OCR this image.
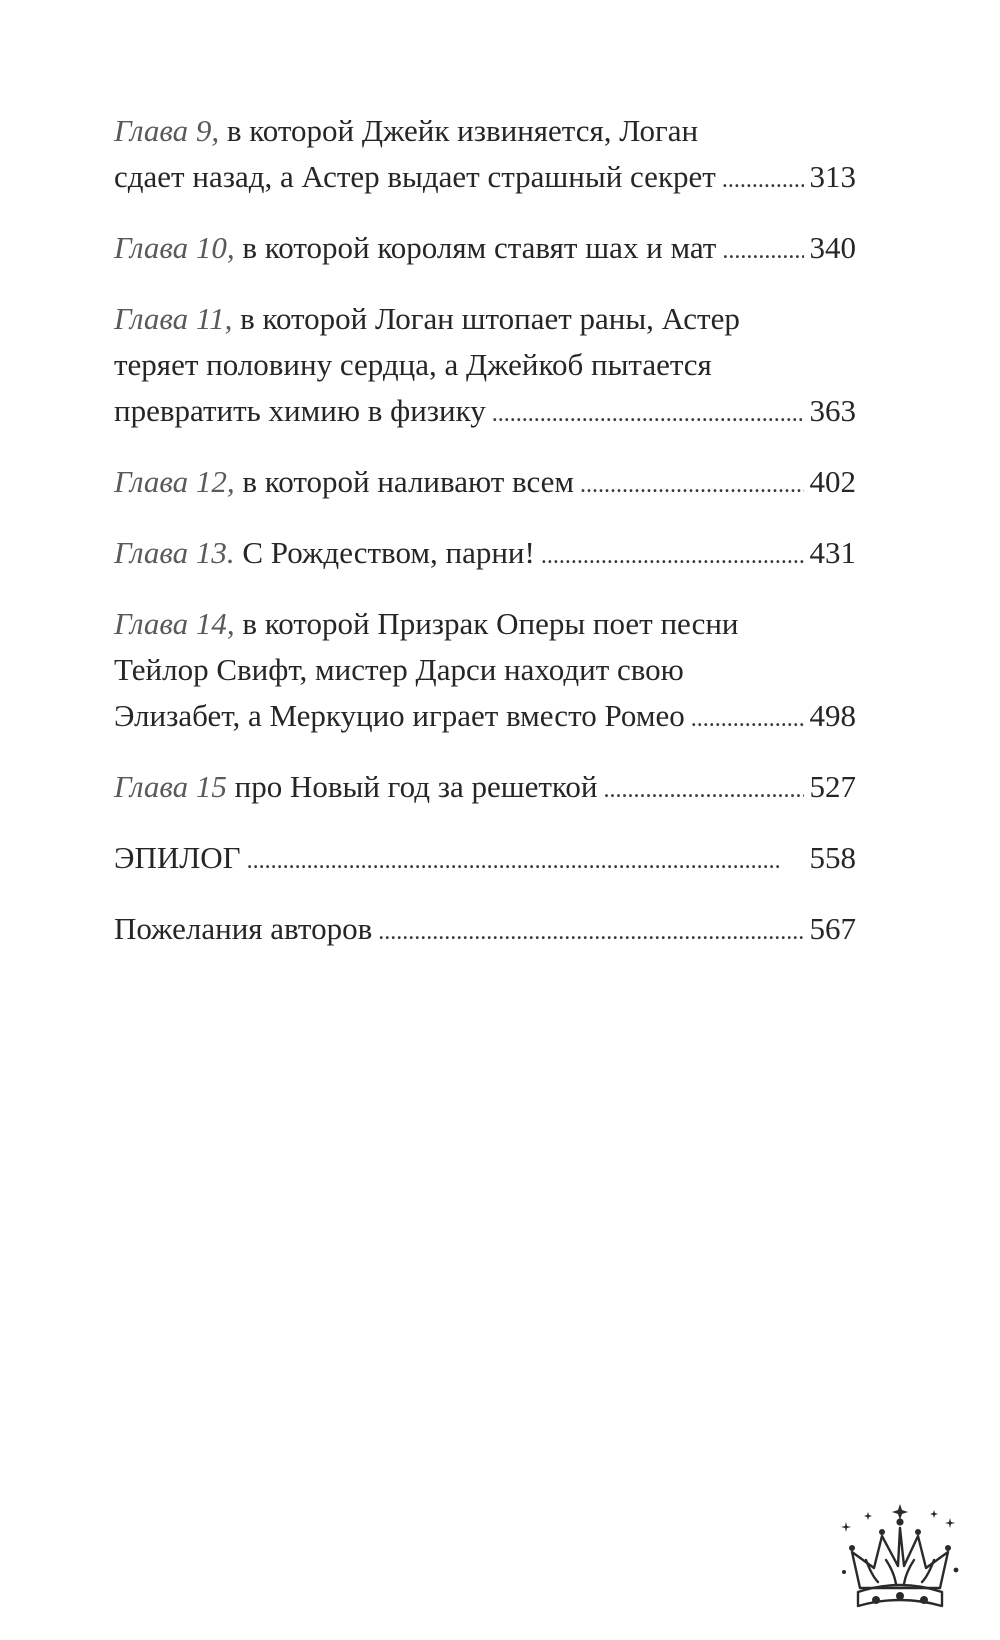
Глава 9,
в которой Джейк извиняется, Логан
сдает назад, а Астер выдает страшный секрет . . .	313
Глава 10,
в которой королям ставят шах и мат . . .	340
Глава 11,
в которой Логан штопает раны, Астер
теряет половину сердца, а Джейкоб пытается
превратить химию в физику . . .	363
Глава 12,
в которой наливают всем . . .	402
Глава 13.
С Рождеством, парни! . . .	431
Глава 14,
в которой Призрак Оперы поет песни
Тейлор Свифт, мистер Дарси находит свою
Элизабет, а Меркуцио играет вместо Ромео . . .	498
Глава 15
про Новый год за решеткой . . .	527
ЭПИЛОГ . . .	558
Пожелания авторов . . .	567
